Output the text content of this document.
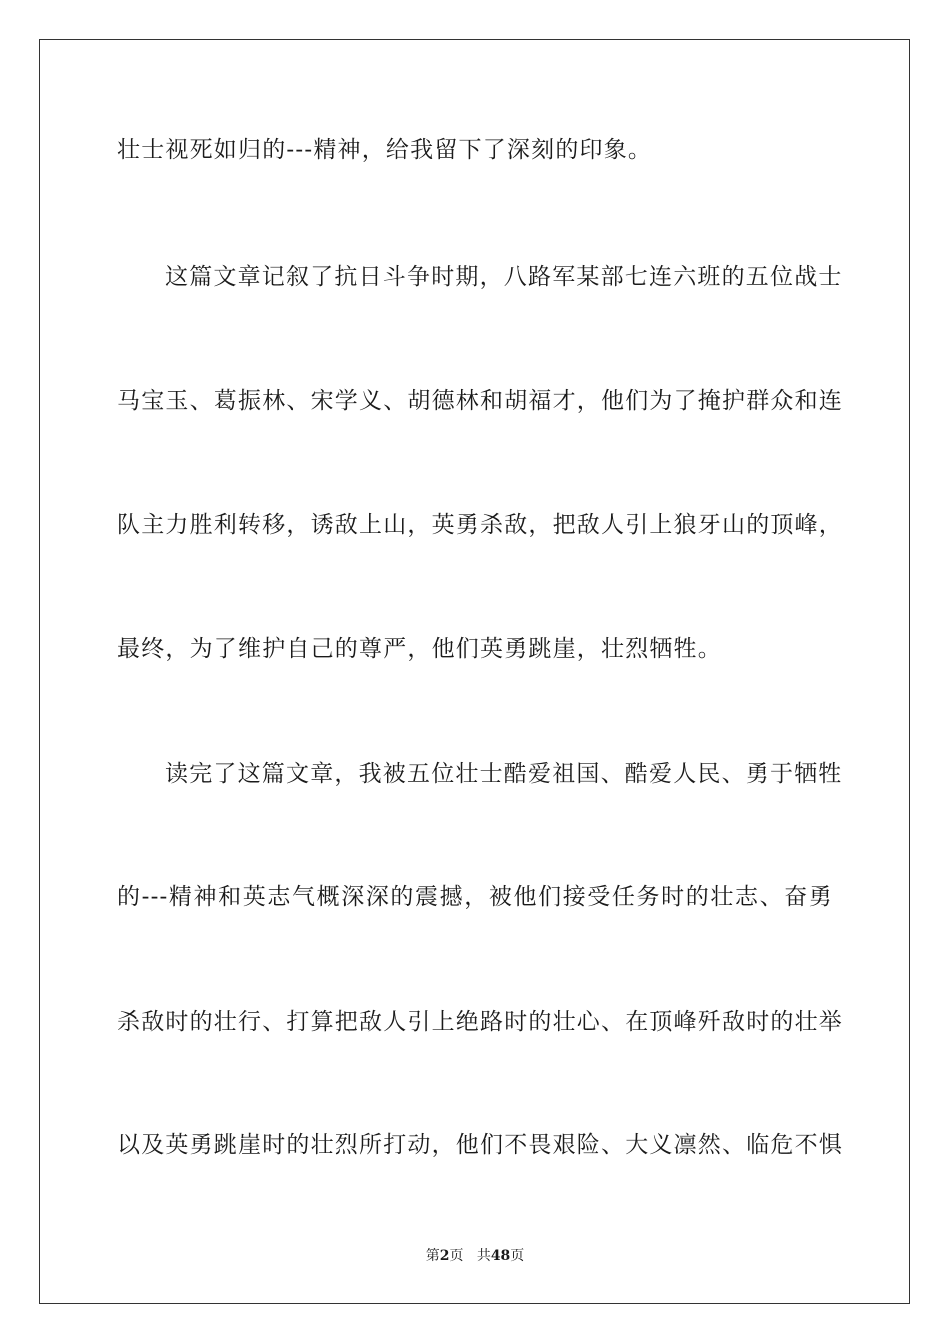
壮士视死如归的---精神，给我留下了深刻的印象。
这篇文章记叙了抗日斗争时期，八路军某部七连六班的五位战士
马宝玉、葛振林、宋学义、胡德林和胡福才，他们为了掩护群众和连
队主力胜利转移，诱敌上山，英勇杀敌，把敌人引上狼牙山的顶峰，
最终，为了维护自己的尊严，他们英勇跳崖，壮烈牺牲。
读完了这篇文章，我被五位壮士酷爱祖国、酷爱人民、勇于牺牲
的---精神和英志气概深深的震撼，被他们接受任务时的壮志、奋勇
杀敌时的壮行、打算把敌人引上绝路时的壮心、在顶峰歼敌时的壮举
以及英勇跳崖时的壮烈所打动，他们不畏艰险、大义凛然、临危不惧
第2页 共48页
